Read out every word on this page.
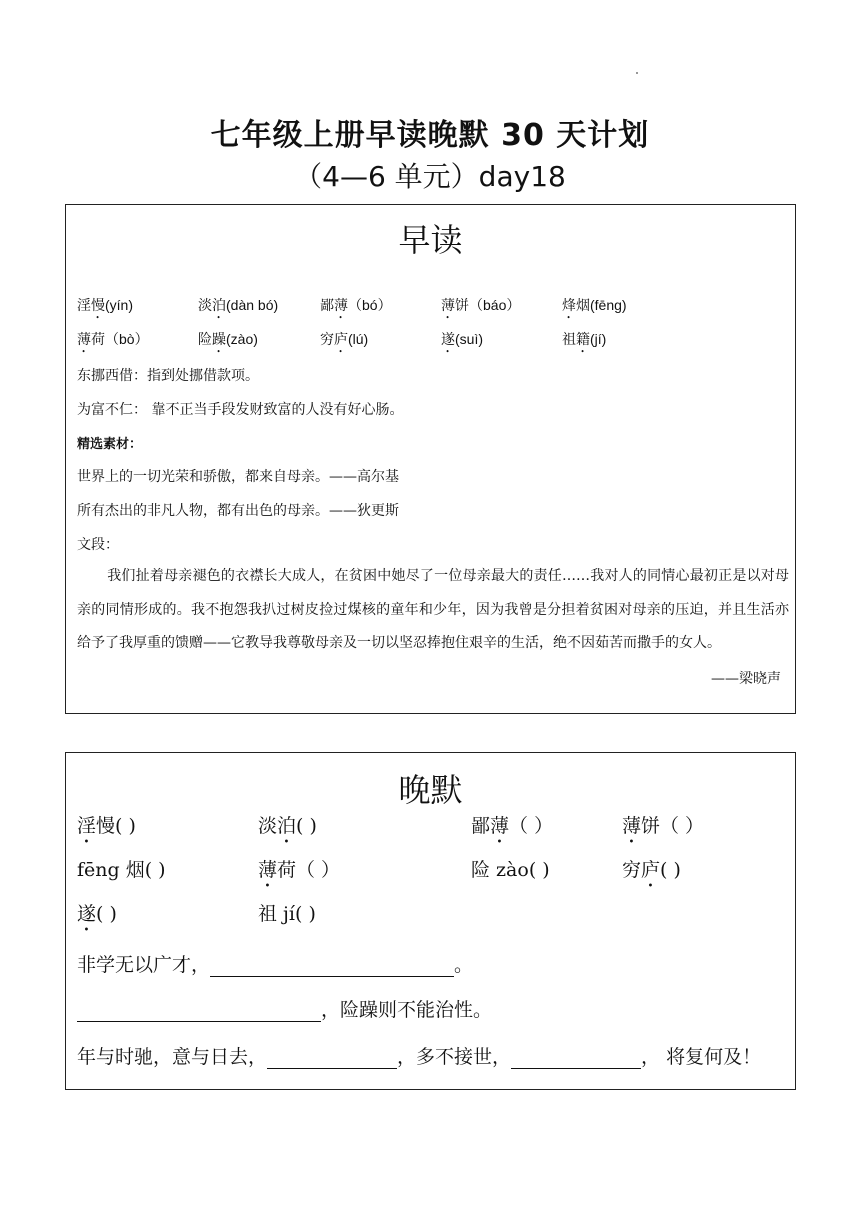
七年级上册早读晚默 30 天计划
（4—6 单元）day18
早读
淫慢(yín)	淡泊(dàn bó)	鄙薄（bó）	薄饼（báo）	烽烟(fēng)
薄荷（bò）	险躁(zào)	穷庐(lú)	遂(suì)	祖籍(jí)
东挪西借：指到处挪借款项。
为富不仁： 靠不正当手段发财致富的人没有好心肠。
精选素材：
世界上的一切光荣和骄傲，都来自母亲。——高尔基
所有杰出的非凡人物，都有出色的母亲。——狄更斯
文段：
我们扯着母亲褪色的衣襟长大成人，在贫困中她尽了一位母亲最大的责任……我对人的同情心最初正是以对母亲的同情形成的。我不抱怨我扒过树皮捡过煤核的童年和少年，因为我曾是分担着贫困对母亲的压迫，并且生活亦给予了我厚重的馈赠——它教导我尊敬母亲及一切以坚忍捧抱住艰辛的生活，绝不因茹苦而撒手的女人。
——梁晓声
晚默
淫慢( )	淡泊( )	鄙薄（ ）	薄饼（ ）
fēng 烟( )	薄荷（ ）	险 zào( )	穷庐( )
遂( )	祖 jí( )
非学无以广才，	。
，险躁则不能治性。
年与时驰，意与日去，	，多不接世，	， 将复何及！
